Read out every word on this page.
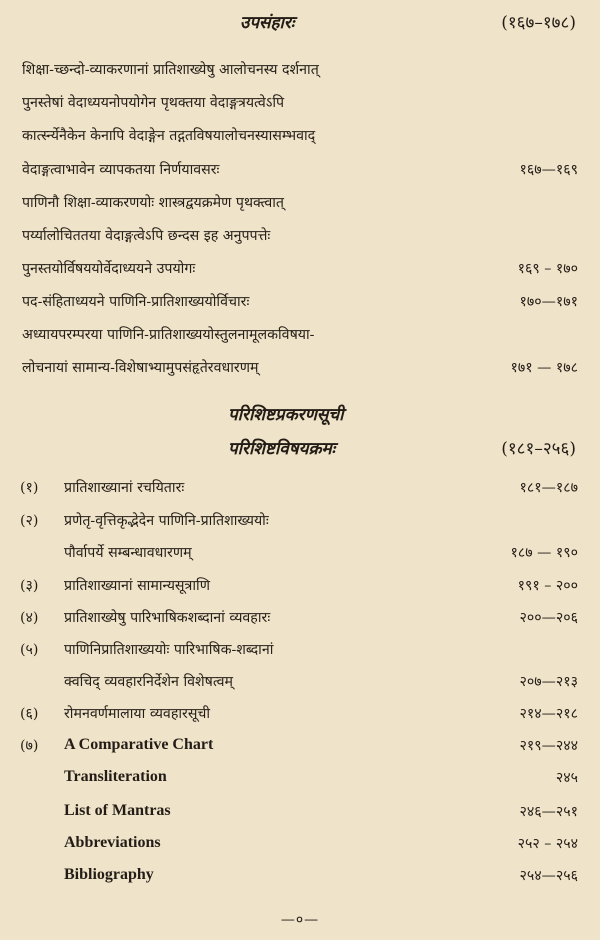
उपसंहारः	(१६७–१७८)
शिक्षा-च्छन्दो-व्याकरणानां प्रातिशाख्येषु आलोचनस्य दर्शनात्
पुनस्तेषां वेदाध्ययनोपयोगेन पृथक्तया वेदाङ्गत्रयत्वेऽपि
कार्त्स्न्येनैकेन केनापि वेदाङ्गेन तद्गतविषयालोचनस्यासम्भवाद्
वेदाङ्गत्वाभावेन व्यापकतया निर्णयावसरः	१६७—१६९
पाणिनौ शिक्षा-व्याकरणयोः शास्त्रद्वयक्रमेण पृथक्त्वात्
पर्य्यालोचिततया वेदाङ्गत्वेऽपि छन्दस इह अनुपपत्तेः
पुनस्तयोर्विषययोर्वेदाध्ययने उपयोगः	१६९ – १७०
पद-संहिताध्ययने पाणिनि-प्रातिशाख्ययोर्विचारः	१७०—१७१
अध्यायपरम्परया पाणिनि-प्रातिशाख्ययोस्तुलनामूलकविषया-
लोचनायां सामान्य-विशेषाभ्यामुपसंहृतेरवधारणम्	१७१ — १७८
परिशिष्टप्रकरणसूची
परिशिष्टविषयक्रमः	(१८१–२५६)
(१)	प्रातिशाख्यानां रचयितारः	१८१—१८७
(२)	प्रणेतृ-वृत्तिकृद्भेदेन पाणिनि-प्रातिशाख्ययोः
पौर्वापर्ये सम्बन्धावधारणम्	१८७ — १९०
(३)	प्रातिशाख्यानां सामान्यसूत्राणि	१९१ – २००
(४)	प्रातिशाख्येषु पारिभाषिकशब्दानां व्यवहारः	२००—२०६
(५)	पाणिनिप्रातिशाख्ययोः पारिभाषिक-शब्दानां
क्वचिद् व्यवहारनिर्देशेन विशेषत्वम्	२०७—२१३
(६)	रोमनवर्णमालाया व्यवहारसूची	२१४—२१८
(७)	A Comparative Chart	२१९—२४४
Transliteration	२४५
List of Mantras	२४६—२५१
Abbreviations	२५२ – २५४
Bibliography	२५४—२५६
—०—
